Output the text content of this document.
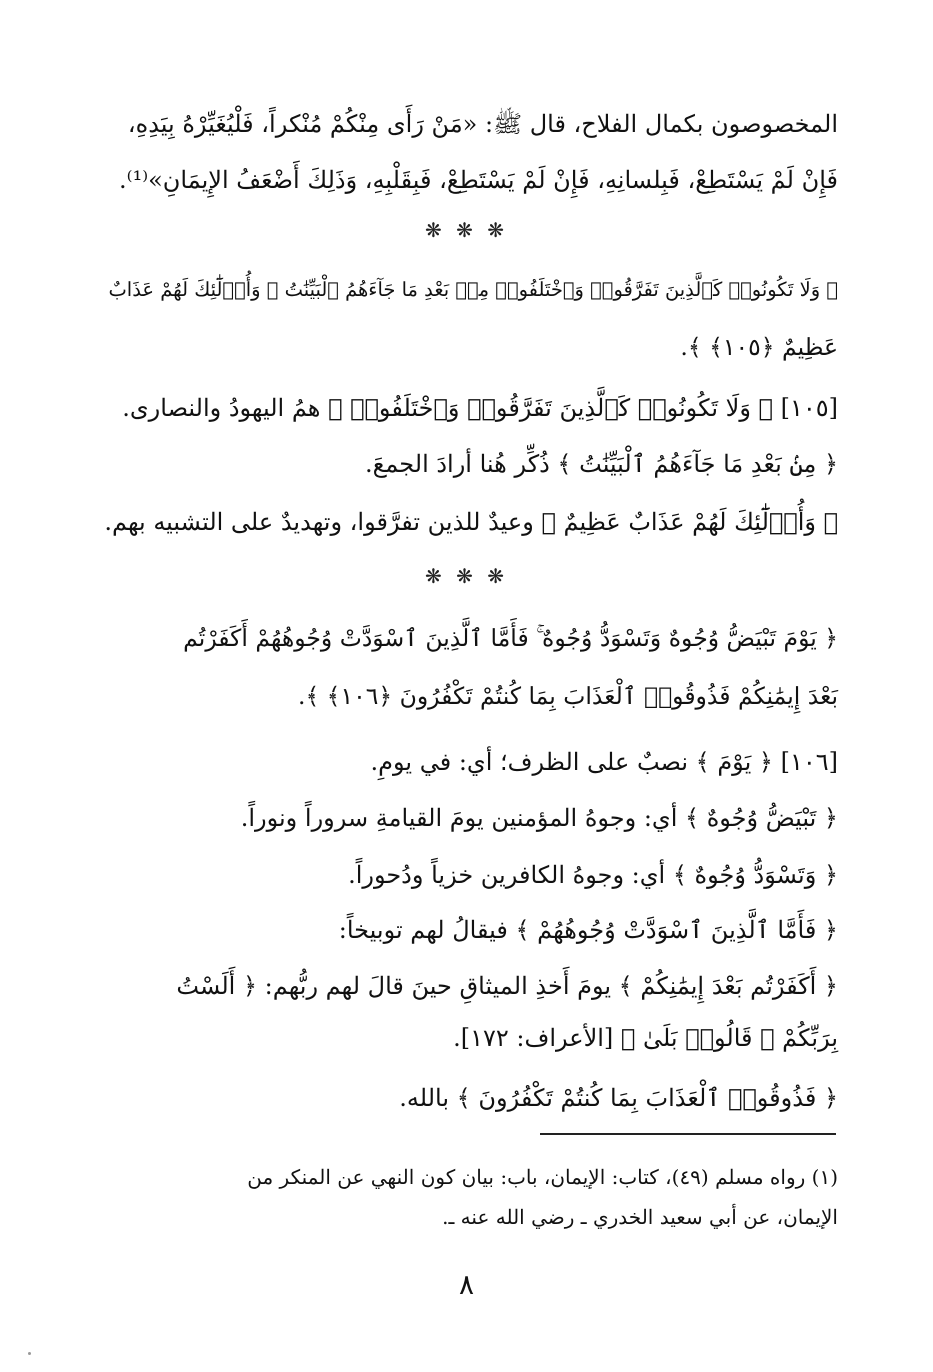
المخصوصون بكمال الفلاح، قال ﷺ: «مَنْ رَأَى مِنْكُمْ مُنْكراً، فَلْيُغَيِّرْهُ بِيَدِهِ،
فَإِنْ لَمْ يَسْتَطِعْ، فَبِلسانِهِ، فَإِنْ لَمْ يَسْتَطِعْ، فَبِقَلْبِهِ، وَذَلِكَ أَضْعَفُ الإِيمَانِ»⁽¹⁾.
❋ ❋ ❋
﴿ وَلَا تَكُونُوا۟ كَٱلَّذِينَ تَفَرَّقُوا۟ وَٱخْتَلَفُوا۟ مِنۢ بَعْدِ مَا جَآءَهُمُ ٱلْبَيِّنَٰتُ ۚ وَأُو۟لَٰٓئِكَ لَهُمْ عَذَابٌ
عَظِيمٌ ﴿١٠٥﴾ ﴾.
[١٠٥] ﴿ وَلَا تَكُونُوا۟ كَٱلَّذِينَ تَفَرَّقُوا۟ وَٱخْتَلَفُوا۟ ﴾ همُ اليهودُ والنصارى.
﴿ مِنۢ بَعْدِ مَا جَآءَهُمُ ٱلْبَيِّنَٰتُ ﴾ ذُكِّر هُنا أرادَ الجمعَ.
﴿ وَأُو۟لَٰٓئِكَ لَهُمْ عَذَابٌ عَظِيمٌ ﴾ وعيدٌ للذين تفرَّقوا، وتهديدٌ على التشبيه بهم.
❋ ❋ ❋
﴿ يَوْمَ تَبْيَضُّ وُجُوهٌ وَتَسْوَدُّ وُجُوهٌ ۚ فَأَمَّا ٱلَّذِينَ ٱسْوَدَّتْ وُجُوهُهُمْ أَكَفَرْتُم
بَعْدَ إِيمَٰنِكُمْ فَذُوقُوا۟ ٱلْعَذَابَ بِمَا كُنتُمْ تَكْفُرُونَ ﴿١٠٦﴾ ﴾.
[١٠٦] ﴿ يَوْمَ ﴾ نصبٌ على الظرف؛ أي: في يومِ.
﴿ تَبْيَضُّ وُجُوهٌ ﴾ أي: وجوهُ المؤمنين يومَ القيامةِ سروراً ونوراً.
﴿ وَتَسْوَدُّ وُجُوهٌ ﴾ أي: وجوهُ الكافرين خزياً ودُحوراً.
﴿ فَأَمَّا ٱلَّذِينَ ٱسْوَدَّتْ وُجُوهُهُمْ ﴾ فيقالُ لهم توبيخاً:
﴿ أَكَفَرْتُم بَعْدَ إِيمَٰنِكُمْ ﴾ يومَ أَخذِ الميثاقِ حينَ قالَ لهم ربُّهم: ﴿ أَلَسْتُ
بِرَبِّكُمْ ۖ قَالُوا۟ بَلَىٰ ﴾ [الأعراف: ١٧٢].
﴿ فَذُوقُوا۟ ٱلْعَذَابَ بِمَا كُنتُمْ تَكْفُرُونَ ﴾ بالله.
(١) رواه مسلم (٤٩)، كتاب: الإيمان، باب: بيان كون النهي عن المنكر من
الإيمان، عن أبي سعيد الخدري ـ رضي الله عنه ـ.
٨
